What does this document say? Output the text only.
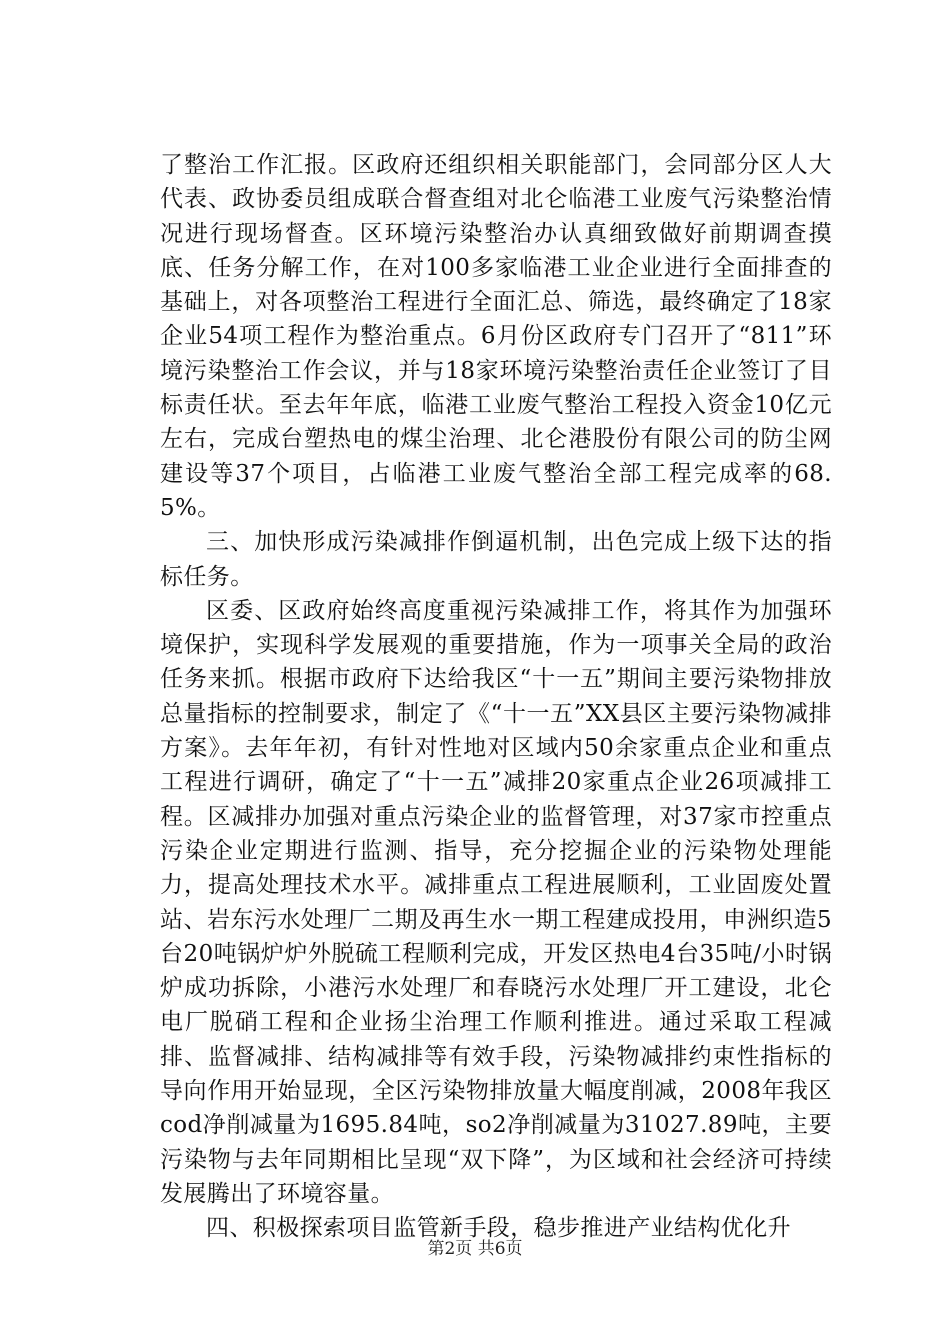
了整治工作汇报。区政府还组织相关职能部门，会同部分区人大代表、政协委员组成联合督查组对北仑临港工业废气污染整治情况进行现场督查。区环境污染整治办认真细致做好前期调查摸底、任务分解工作，在对100多家临港工业企业进行全面排查的基础上，对各项整治工程进行全面汇总、筛选，最终确定了18家企业54项工程作为整治重点。6月份区政府专门召开了“811”环境污染整治工作会议，并与18家环境污染整治责任企业签订了目标责任状。至去年年底，临港工业废气整治工程投入资金10亿元左右，完成台塑热电的煤尘治理、北仑港股份有限公司的防尘网建设等37个项目，占临港工业废气整治全部工程完成率的68.5%。

三、加快形成污染减排作倒逼机制，出色完成上级下达的指标任务。

区委、区政府始终高度重视污染减排工作，将其作为加强环境保护，实现科学发展观的重要措施，作为一项事关全局的政治任务来抓。根据市政府下达给我区“十一五”期间主要污染物排放总量指标的控制要求，制定了《“十一五”XX县区主要污染物减排方案》。去年年初，有针对性地对区域内50余家重点企业和重点工程进行调研，确定了“十一五”减排20家重点企业26项减排工程。区减排办加强对重点污染企业的监督管理，对37家市控重点污染企业定期进行监测、指导，充分挖掘企业的污染物处理能力，提高处理技术水平。减排重点工程进展顺利，工业固废处置站、岩东污水处理厂二期及再生水一期工程建成投用，申洲织造5台20吨锅炉炉外脱硫工程顺利完成，开发区热电4台35吨/小时锅炉成功拆除，小港污水处理厂和春晓污水处理厂开工建设，北仑电厂脱硝工程和企业扬尘治理工作顺利推进。通过采取工程减排、监督减排、结构减排等有效手段，污染物减排约束性指标的导向作用开始显现，全区污染物排放量大幅度削减，2008年我区cod净削减量为1695.84吨，so2净削减量为31027.89吨，主要污染物与去年同期相比呈现“双下降”，为区域和社会经济可持续发展腾出了环境容量。

四、积极探索项目监管新手段，稳步推进产业结构优化升

第2页 共6页
